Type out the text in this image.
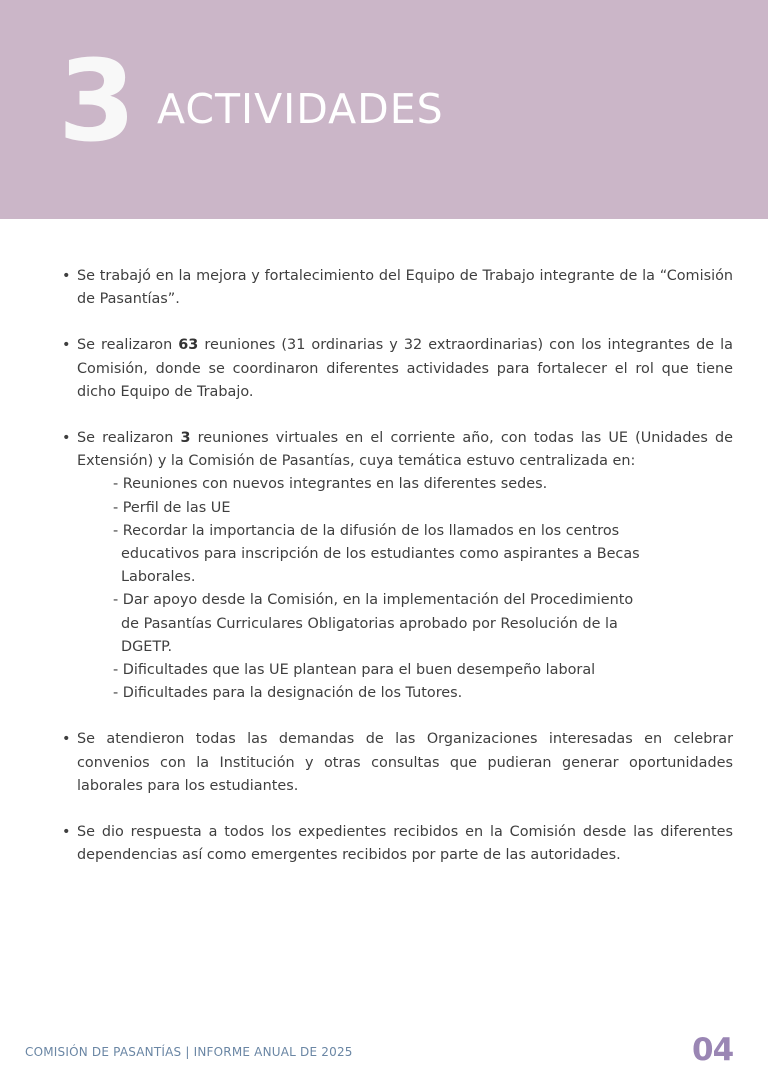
3 ACTIVIDADES
• Se trabajó en la mejora y fortalecimiento del Equipo de Trabajo integrante de la “Comisión de Pasantías”.
• Se realizaron 63 reuniones (31 ordinarias y 32 extraordinarias) con los integrantes de la Comisión, donde se coordinaron diferentes actividades para fortalecer el rol que tiene dicho Equipo de Trabajo.
• Se realizaron 3 reuniones virtuales en el corriente año, con todas las UE (Unidades de Extensión) y la Comisión de Pasantías, cuya temática estuvo centralizada en:
- Reuniones con nuevos integrantes en las diferentes sedes.
- Perfil de las UE
- Recordar la importancia de la difusión de los llamados en los centros
educativos para inscripción de los estudiantes como aspirantes a Becas
Laborales.
- Dar apoyo desde la Comisión, en la implementación del Procedimiento
de Pasantías Curriculares Obligatorias aprobado por Resolución de la
DGETP.
- Dificultades que las UE plantean para el buen desempeño laboral
- Dificultades para la designación de los Tutores.
• Se atendieron todas las demandas de las Organizaciones interesadas en celebrar convenios con la Institución y otras consultas que pudieran generar oportunidades laborales para los estudiantes.
• Se dio respuesta a todos los expedientes recibidos en la Comisión desde las diferentes dependencias así como emergentes recibidos por parte de las autoridades.
COMISIÓN DE PASANTÍAS | INFORME ANUAL DE 2025	04
